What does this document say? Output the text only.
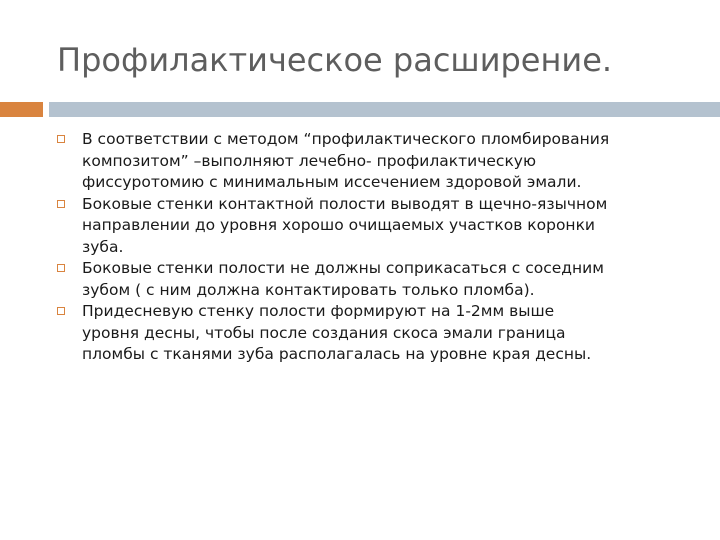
Профилактическое расширение.
В соответствии с методом “профилактического пломбирования
композитом” –выполняют лечебно- профилактическую
фиссуротомию с минимальным иссечением здоровой эмали.
Боковые стенки контактной полости выводят в щечно-язычном
направлении до уровня хорошо очищаемых участков коронки
зуба.
Боковые стенки полости не должны соприкасаться с соседним
зубом ( с ним должна контактировать только пломба).
Придесневую стенку полости формируют на 1-2мм выше
уровня десны, чтобы после создания скоса эмали граница
пломбы с тканями зуба располагалась на уровне края десны.
